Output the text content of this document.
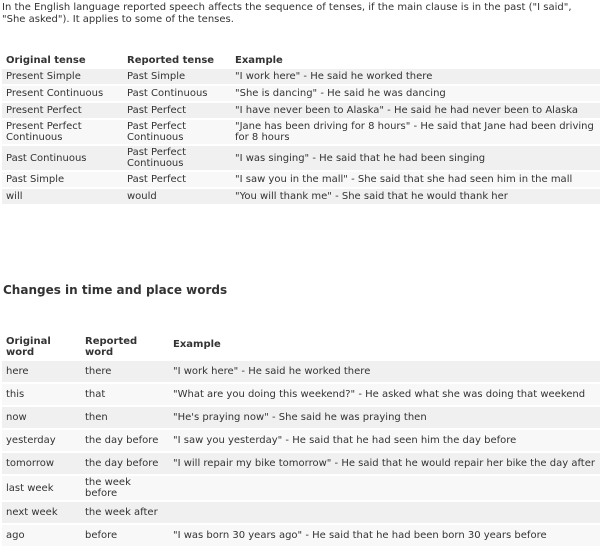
In the English language reported speech affects the sequence of tenses, if the main clause is in the past ("I said", "She asked"). It applies to some of the tenses.
Original tense	Reported tense	Example
Present Simple	Past Simple	"I work here" - He said he worked there
Present Continuous	Past Continuous	"She is dancing" - He said he was dancing
Present Perfect	Past Perfect	"I have never been to Alaska" - He said he had never been to Alaska
Present Perfect Continuous	Past Perfect Continuous	"Jane has been driving for 8 hours" - He said that Jane had been driving for 8 hours
Past Continuous	Past Perfect Continuous	"I was singing" - He said that he had been singing
Past Simple	Past Perfect	"I saw you in the mall" - She said that she had seen him in the mall
will	would	"You will thank me" - She said that he would thank her
Changes in time and place words
Original word	Reported word	Example
here	there	"I work here" - He said he worked there
this	that	"What are you doing this weekend?" - He asked what she was doing that weekend
now	then	"He's praying now" - She said he was praying then
yesterday	the day before	"I saw you yesterday" - He said that he had seen him the day before
tomorrow	the day before	"I will repair my bike tomorrow" - He said that he would repair her bike the day after
last week	the week before	
next week	the week after	
ago	before	"I was born 30 years ago" - He said that he had been born 30 years before
